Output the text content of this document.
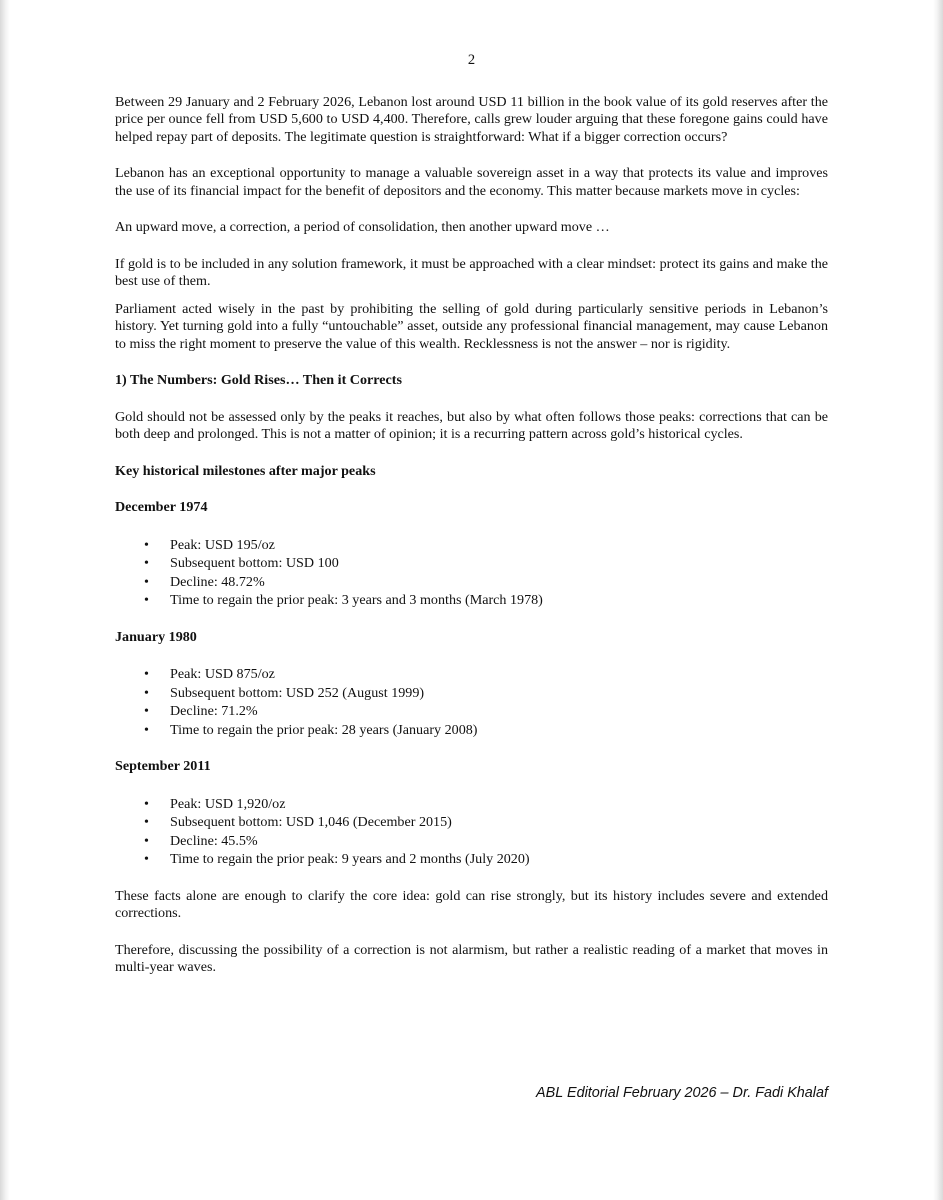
2

Between 29 January and 2 February 2026, Lebanon lost around USD 11 billion in the book value of its gold reserves after the price per ounce fell from USD 5,600 to USD 4,400. Therefore, calls grew louder arguing that these foregone gains could have helped repay part of deposits. The legitimate question is straightforward: What if a bigger correction occurs?

Lebanon has an exceptional opportunity to manage a valuable sovereign asset in a way that protects its value and improves the use of its financial impact for the benefit of depositors and the economy. This matter because markets move in cycles:

An upward move, a correction, a period of consolidation, then another upward move …

If gold is to be included in any solution framework, it must be approached with a clear mindset: protect its gains and make the best use of them.

Parliament acted wisely in the past by prohibiting the selling of gold during particularly sensitive periods in Lebanon’s history. Yet turning gold into a fully “untouchable” asset, outside any professional financial management, may cause Lebanon to miss the right moment to preserve the value of this wealth. Recklessness is not the answer – nor is rigidity.

1) The Numbers: Gold Rises… Then it Corrects

Gold should not be assessed only by the peaks it reaches, but also by what often follows those peaks: corrections that can be both deep and prolonged. This is not a matter of opinion; it is a recurring pattern across gold’s historical cycles.

Key historical milestones after major peaks

December 1974

• Peak: USD 195/oz
• Subsequent bottom: USD 100
• Decline: 48.72%
• Time to regain the prior peak: 3 years and 3 months (March 1978)

January 1980

• Peak: USD 875/oz
• Subsequent bottom: USD 252 (August 1999)
• Decline: 71.2%
• Time to regain the prior peak: 28 years (January 2008)

September 2011

• Peak: USD 1,920/oz
• Subsequent bottom: USD 1,046 (December 2015)
• Decline: 45.5%
• Time to regain the prior peak: 9 years and 2 months (July 2020)

These facts alone are enough to clarify the core idea: gold can rise strongly, but its history includes severe and extended corrections.

Therefore, discussing the possibility of a correction is not alarmism, but rather a realistic reading of a market that moves in multi-year waves.

ABL Editorial February 2026 – Dr. Fadi Khalaf
